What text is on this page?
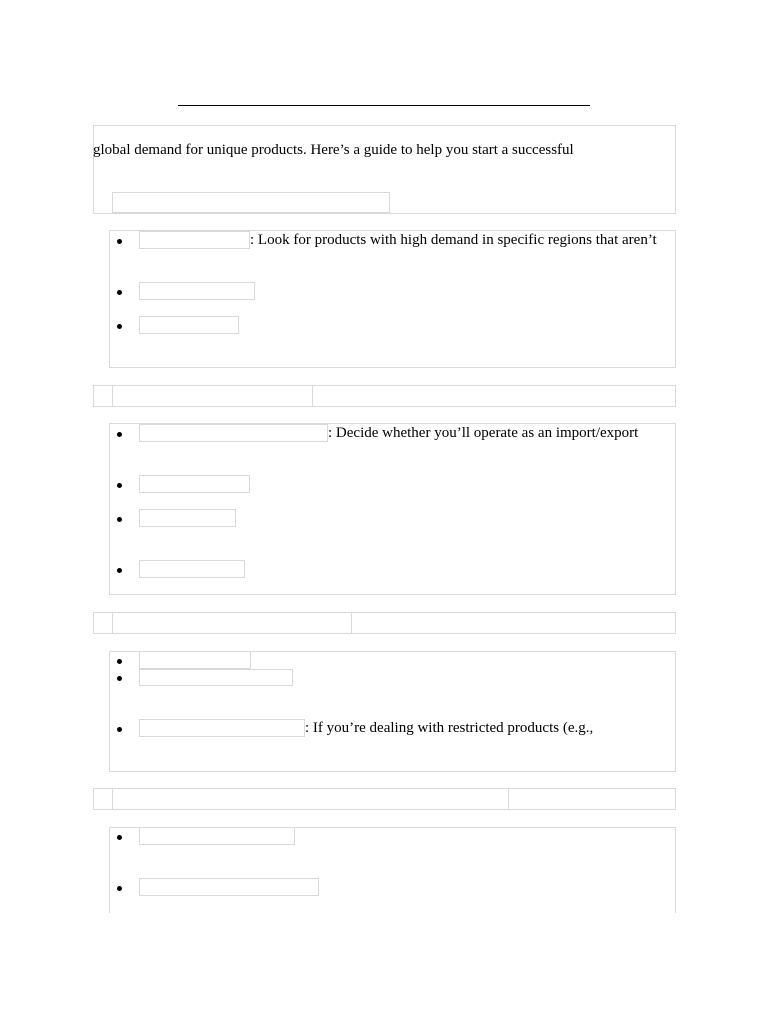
global demand for unique products. Here’s a guide to help you start a successful
: Look for products with high demand in specific regions that aren’t
: Decide whether you’ll operate as an import/export
: If you’re dealing with restricted products (e.g.,
